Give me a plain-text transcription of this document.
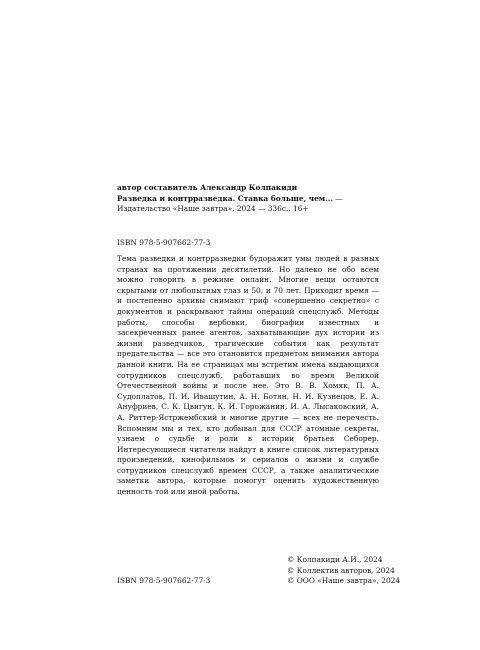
автор составитель Александр Колпакиди
Разведка и контрразведка. Ставка больше, чем... — Издательство «Наше завтра», 2024 — 336с., 16+
ISBN 978-5-907662-77-3

Тема разведки и контрразведки будоражит умы людей в разных странах на протяжении десятилетий. Но далеко не обо всем можно говорить в режиме онлайн. Многие вещи остаются скрытыми от любопытных глаз и 50, и 70 лет. Приходит время — и постепенно архивы снимают гриф «совершенно секретно» с документов и раскрывают тайны операций спецслужб. Методы работы, способы вербовки, биографии известных и засекреченных ранее агентов, захватывающие дух истории из жизни разведчиков, трагические события как результат предательства — все это становится предметом внимания автора данной книги. На ее страницах мы встретим имена выдающихся сотрудников спецслужб, работавших во время Великой Отечественной войны и после нее. Это В. В. Хомяк, П. А. Судоплатов, П. И. Ивашутин, А. Н. Ботян, Н. И. Кузнецов, Е. А. Ануфриев, С. К. Цвигун, К. И. Горожанин, И. А. Лысаковский, А. А. Риттер-Ястржембский и многие другие — всех не перечесть. Вспомним мы и тех, кто добывал для СССР атомные секреты, узнаем о судьбе и роли в истории братьев Себорер. Интересующиеся читатели найдут в книге список литературных произведений, кинофильмов и сериалов о жизни и службе сотрудников спецслужб времен СССР, а также аналитические заметки автора, которые помогут оценить художественную ценность той или иной работы.

ISBN 978-5-907662-77-3
© Колпакиди А.И., 2024
© Коллектив авторов, 2024
© ООО «Наше завтра», 2024
